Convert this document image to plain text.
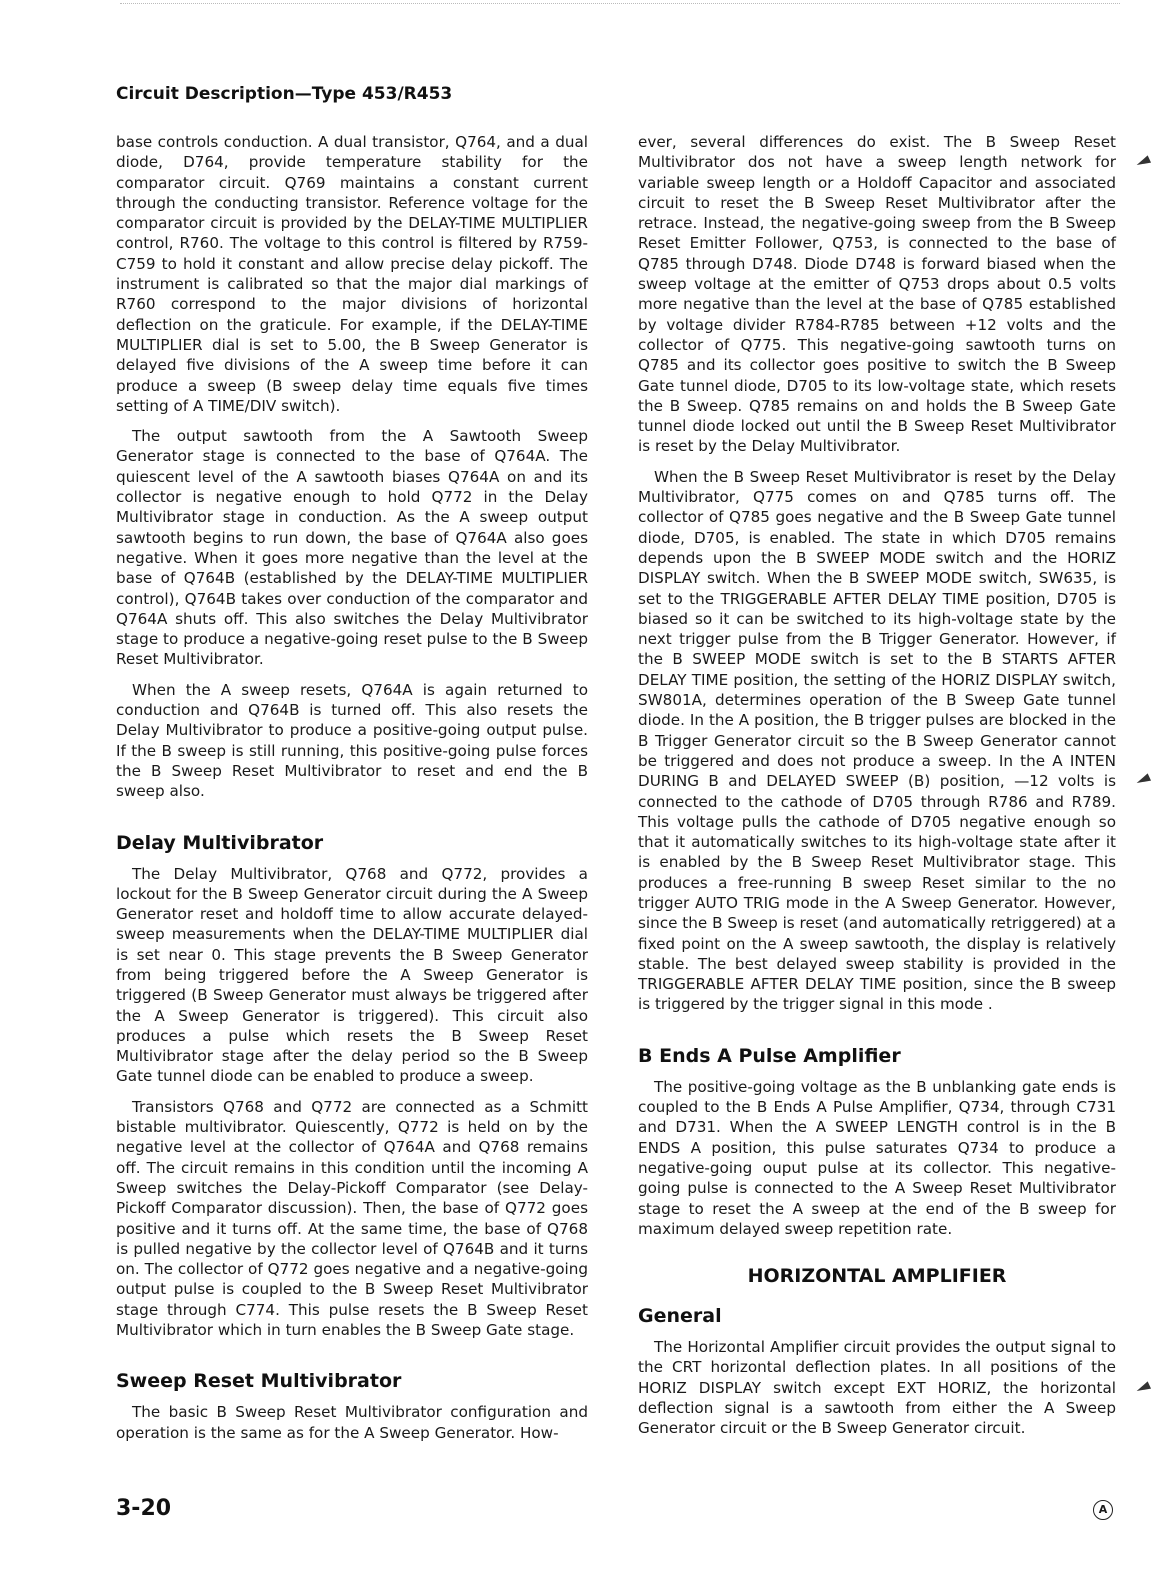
Circuit Description—Type 453/R453

base controls conduction. A dual transistor, Q764, and a dual diode, D764, provide temperature stability for the comparator circuit. Q769 maintains a constant current through the conducting transistor. Reference voltage for the comparator circuit is provided by the DELAY-TIME MULTIPLIER control, R760. The voltage to this control is filtered by R759-C759 to hold it constant and allow precise delay pickoff. The instrument is calibrated so that the major dial markings of R760 correspond to the major divisions of horizontal deflection on the graticule. For example, if the DELAY-TIME MULTIPLIER dial is set to 5.00, the B Sweep Generator is delayed five divisions of the A sweep time before it can produce a sweep (B sweep delay time equals five times setting of A TIME/DIV switch).

The output sawtooth from the A Sawtooth Sweep Generator stage is connected to the base of Q764A. The quiescent level of the A sawtooth biases Q764A on and its collector is negative enough to hold Q772 in the Delay Multivibrator stage in conduction. As the A sweep output sawtooth begins to run down, the base of Q764A also goes negative. When it goes more negative than the level at the base of Q764B (established by the DELAY-TIME MULTIPLIER control), Q764B takes over conduction of the comparator and Q764A shuts off. This also switches the Delay Multivibrator stage to produce a negative-going reset pulse to the B Sweep Reset Multivibrator.

When the A sweep resets, Q764A is again returned to conduction and Q764B is turned off. This also resets the Delay Multivibrator to produce a positive-going output pulse. If the B sweep is still running, this positive-going pulse forces the B Sweep Reset Multivibrator to reset and end the B sweep also.

Delay Multivibrator

The Delay Multivibrator, Q768 and Q772, provides a lockout for the B Sweep Generator circuit during the A Sweep Generator reset and holdoff time to allow accurate delayed-sweep measurements when the DELAY-TIME MULTIPLIER dial is set near 0. This stage prevents the B Sweep Generator from being triggered before the A Sweep Generator is triggered (B Sweep Generator must always be triggered after the A Sweep Generator is triggered). This circuit also produces a pulse which resets the B Sweep Reset Multivibrator stage after the delay period so the B Sweep Gate tunnel diode can be enabled to produce a sweep.

Transistors Q768 and Q772 are connected as a Schmitt bistable multivibrator. Quiescently, Q772 is held on by the negative level at the collector of Q764A and Q768 remains off. The circuit remains in this condition until the incoming A Sweep switches the Delay-Pickoff Comparator (see Delay-Pickoff Comparator discussion). Then, the base of Q772 goes positive and it turns off. At the same time, the base of Q768 is pulled negative by the collector level of Q764B and it turns on. The collector of Q772 goes negative and a negative-going output pulse is coupled to the B Sweep Reset Multivibrator stage through C774. This pulse resets the B Sweep Reset Multivibrator which in turn enables the B Sweep Gate stage.

Sweep Reset Multivibrator

The basic B Sweep Reset Multivibrator configuration and operation is the same as for the A Sweep Generator. How-

ever, several differences do exist. The B Sweep Reset Multivibrator dos not have a sweep length network for variable sweep length or a Holdoff Capacitor and associated circuit to reset the B Sweep Reset Multivibrator after the retrace. Instead, the negative-going sweep from the B Sweep Reset Emitter Follower, Q753, is connected to the base of Q785 through D748. Diode D748 is forward biased when the sweep voltage at the emitter of Q753 drops about 0.5 volts more negative than the level at the base of Q785 established by voltage divider R784-R785 between +12 volts and the collector of Q775. This negative-going sawtooth turns on Q785 and its collector goes positive to switch the B Sweep Gate tunnel diode, D705 to its low-voltage state, which resets the B Sweep. Q785 remains on and holds the B Sweep Gate tunnel diode locked out until the B Sweep Reset Multivibrator is reset by the Delay Multivibrator.

When the B Sweep Reset Multivibrator is reset by the Delay Multivibrator, Q775 comes on and Q785 turns off. The collector of Q785 goes negative and the B Sweep Gate tunnel diode, D705, is enabled. The state in which D705 remains depends upon the B SWEEP MODE switch and the HORIZ DISPLAY switch. When the B SWEEP MODE switch, SW635, is set to the TRIGGERABLE AFTER DELAY TIME position, D705 is biased so it can be switched to its high-voltage state by the next trigger pulse from the B Trigger Generator. However, if the B SWEEP MODE switch is set to the B STARTS AFTER DELAY TIME position, the setting of the HORIZ DISPLAY switch, SW801A, determines operation of the B Sweep Gate tunnel diode. In the A position, the B trigger pulses are blocked in the B Trigger Generator circuit so the B Sweep Generator cannot be triggered and does not produce a sweep. In the A INTEN DURING B and DELAYED SWEEP (B) position, —12 volts is connected to the cathode of D705 through R786 and R789. This voltage pulls the cathode of D705 negative enough so that it automatically switches to its high-voltage state after it is enabled by the B Sweep Reset Multivibrator stage. This produces a free-running B sweep Reset similar to the no trigger AUTO TRIG mode in the A Sweep Generator. However, since the B Sweep is reset (and automatically retriggered) at a fixed point on the A sweep sawtooth, the display is relatively stable. The best delayed sweep stability is provided in the TRIGGERABLE AFTER DELAY TIME position, since the B sweep is triggered by the trigger signal in this mode .

B Ends A Pulse Amplifier

The positive-going voltage as the B unblanking gate ends is coupled to the B Ends A Pulse Amplifier, Q734, through C731 and D731. When the A SWEEP LENGTH control is in the B ENDS A position, this pulse saturates Q734 to produce a negative-going ouput pulse at its collector. This negative-going pulse is connected to the A Sweep Reset Multivibrator stage to reset the A sweep at the end of the B sweep for maximum delayed sweep repetition rate.

HORIZONTAL AMPLIFIER
General

The Horizontal Amplifier circuit provides the output signal to the CRT horizontal deflection plates. In all positions of the HORIZ DISPLAY switch except EXT HORIZ, the horizontal deflection signal is a sawtooth from either the A Sweep Generator circuit or the B Sweep Generator circuit.

3-20	A
